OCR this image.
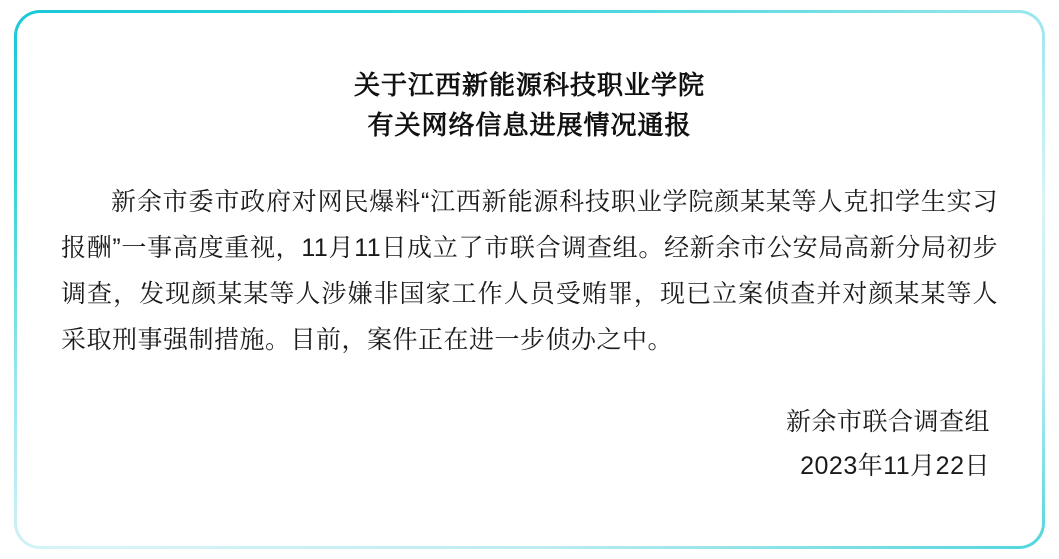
关于江西新能源科技职业学院
有关网络信息进展情况通报

新余市委市政府对网民爆料“江西新能源科技职业学院颜某某等人克扣学生实习报酬”一事高度重视，11月11日成立了市联合调查组。经新余市公安局高新分局初步调查，发现颜某某等人涉嫌非国家工作人员受贿罪，现已立案侦查并对颜某某等人采取刑事强制措施。目前，案件正在进一步侦办之中。

新余市联合调查组
2023年11月22日
